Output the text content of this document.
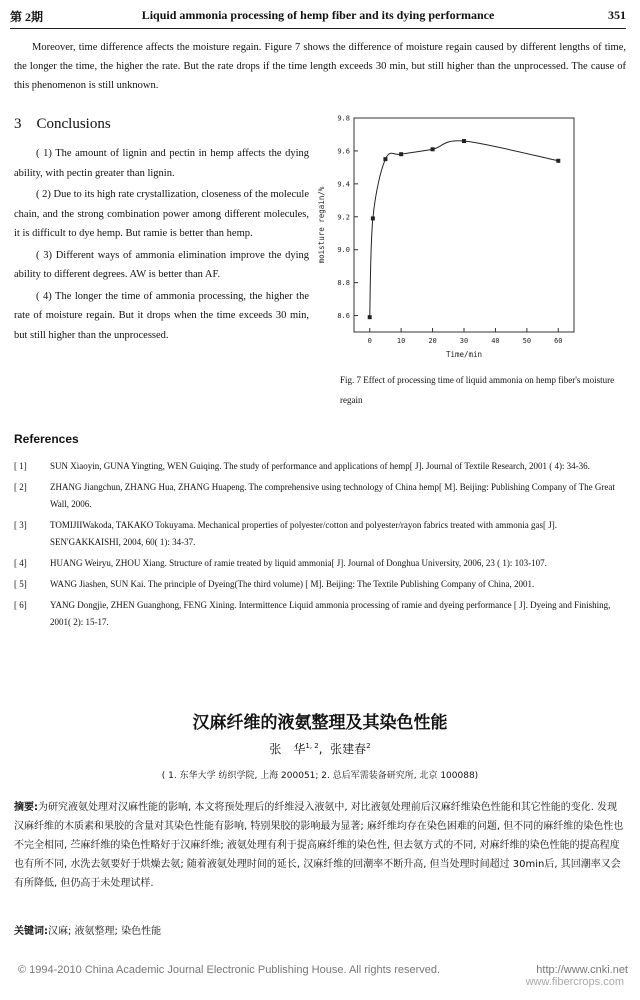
第 2期	Liquid ammonia processing of hemp fiber and its dying performance	351
Moreover, time difference affects the moisture regain. Figure 7 shows the difference of moisture regain caused by different lengths of time, the longer the time, the higher the rate. But the rate drops if the time length exceeds 30 min, but still higher than the unprocessed. The cause of this phenomenon is still unknown.
3 Conclusions

( 1) The amount of lignin and pectin in hemp affects the dying ability, with pectin greater than lignin.

( 2) Due to its high rate crystallization, closeness of the molecule chain, and the strong combination power among different molecules, it is difficult to dye hemp. But ramie is better than hemp.

( 3) Different ways of ammonia elimination improve the dying ability to different degrees. AW is better than AF.

( 4) The longer the time of ammonia processing, the higher the rate of moisture regain. But it drops when the time exceeds 30 min, but still higher than the unprocessed.

0	10	20	30	40	50	60
8.6
8.8
9.0
9.2
9.4
9.6
9.8
Time/min
moisture regain/%
Fig. 7 Effect of processing time of liquid ammonia on hemp fiber's moisture regain
References
[ 1]	SUN Xiaoyin, GUNA Yingting, WEN Guiqing. The study of performance and applications of hemp[ J]. Journal of Textile Research, 2001 ( 4): 34-36.
[ 2]	ZHANG Jiangchun, ZHANG Hua, ZHANG Huapeng. The comprehensive using technology of China hemp[ M]. Beijing: Publishing Company of The Great Wall, 2006.
[ 3]	TOMIJIIWakoda, TAKAKO Tokuyama. Mechanical properties of polyester/cotton and polyester/rayon fabrics treated with ammonia gas[ J]. SEN'GAKKAISHI, 2004, 60( 1): 34-37.
[ 4]	HUANG Weiryu, ZHOU Xiang. Structure of ramie treated by liquid ammonia[ J]. Journal of Donghua University, 2006, 23 ( 1): 103-107.
[ 5]	WANG Jiashen, SUN Kai. The principle of Dyeing(The third volume) [ M]. Beijing: The Textile Publishing Company of China, 2001.
[ 6]	YANG Dongjie, ZHEN Guanghong, FENG Xining. Intermittence Liquid ammonia processing of ramie and dyeing performance [ J]. Dyeing and Finishing, 2001( 2): 15-17.
汉麻纤维的液氨整理及其染色性能
张　华$^{1, 2}$,  张建春$^2$
( 1. 东华大学 纺织学院, 上海 200051; 2. 总后军需装备研究所, 北京 100088)
摘要:为研究液氨处理对汉麻性能的影响, 本文将预处理后的纤维浸入液氨中, 对比液氨处理前后汉麻纤维染色性能和其它性能的变化. 发现汉麻纤维的木质素和果胶的含量对其染色性能有影响, 特别果胶的影响最为显著; 麻纤维均存在染色困难的问题, 但不同的麻纤维的染色性也不完全相同, 苎麻纤维的染色性略好于汉麻纤维; 液氨处理有利于提高麻纤维的染色性, 但去氨方式的不同, 对麻纤维的染色性能的提高程度也有所不同, 水洗去氨要好于烘燥去氨; 随着液氨处理时间的延长, 汉麻纤维的回潮率不断升高, 但当处理时间超过 30min后, 其回潮率又会有所降低, 但仍高于未处理试样.
关键词:汉麻; 液氨整理; 染色性能
© 1994-2010 China Academic Journal Electronic Publishing House. All rights reserved.	http://www.cnki.net
www.fibercrops.com
